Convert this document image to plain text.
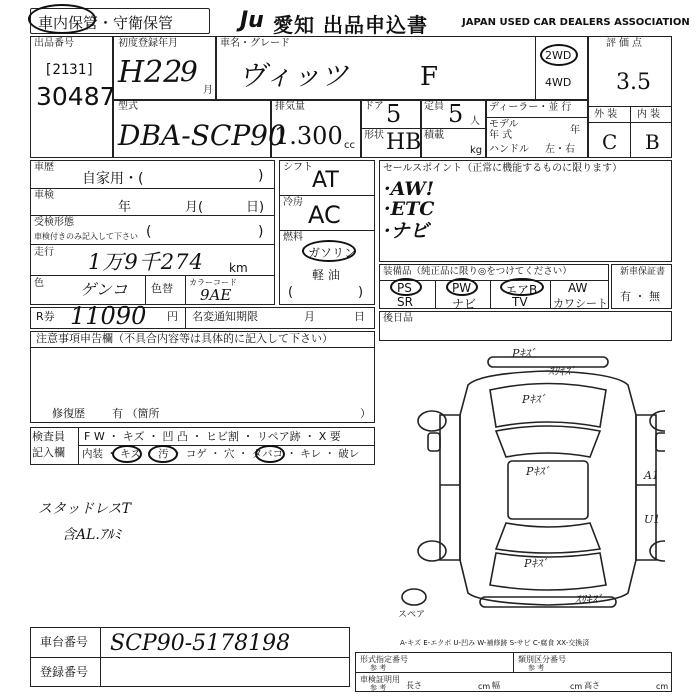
車内保管・守衛保管	Ju 愛知 出品申込書	JAPAN USED CAR DEALERS ASSOCIATION
出品番号
[2131]
30487
初度登録年月
H22
9
月
車名・グレード
ヴィッツ	F
2WD
4WD
評価点
3.5
型式
DBA-SCP90
排気量
1.300 cc
ドア 5 定員 5 人
形状 HB 積載
kg
ディーラー・並 行
モデル
年 式	年
ハンドル 左・右
外 装 内 装
C B
車歴
自家用・(	)
車検
年	月(	日)
受検形態
車検付きのみ記入して下さい (	)
走行 1万9千274 km
色 ゲンコ 色替 カラーコード
9AE
シフト
AT
冷房 AC
燃料
ガソリン
軽 油
(	)
セールスポイント（正常に機能するものに限ります）
·AW!
·ETC
·ナビ
装備品（純正品に限り◎をつけてください）
PS	PW	エアB	AW
SR	ナビ	TV カワシート
新車保証書
有 ・ 無
R券 11090 円 名変通知期限	月	日
注意事項申告欄（不具合内容等は具体的に記入して下さい）
修復歴 有 （箇所	）
後日品
検査員
記入欄
F W ・ キズ ・ 凹 凸 ・ ヒビ割 ・ リペア跡 ・ X 要
内装 ・ キズ ・ 汚 ・ コゲ ・ 穴 ・ タバコ ・ キレ ・ 破レ
スタッドレスT
含AL.ｱﾙﾐ
Pｷｽﾞ
Pｷｽﾞ
Pｷｽﾞ
Pｷｽﾞ
ｽﾘｷｽﾞ
A1
U1
スペア
ｽﾘｷｽﾞ
A-キズ E-エクボ U-凹み W-補修跡 S-サビ C-腐食 XX-交換済
車台番号 SCP90-5178198
登録番号
形式指定番号
参 考
類別区分番号
参 考
車検証明用
参 考 長さ	cm 幅	cm 高さ	cm
